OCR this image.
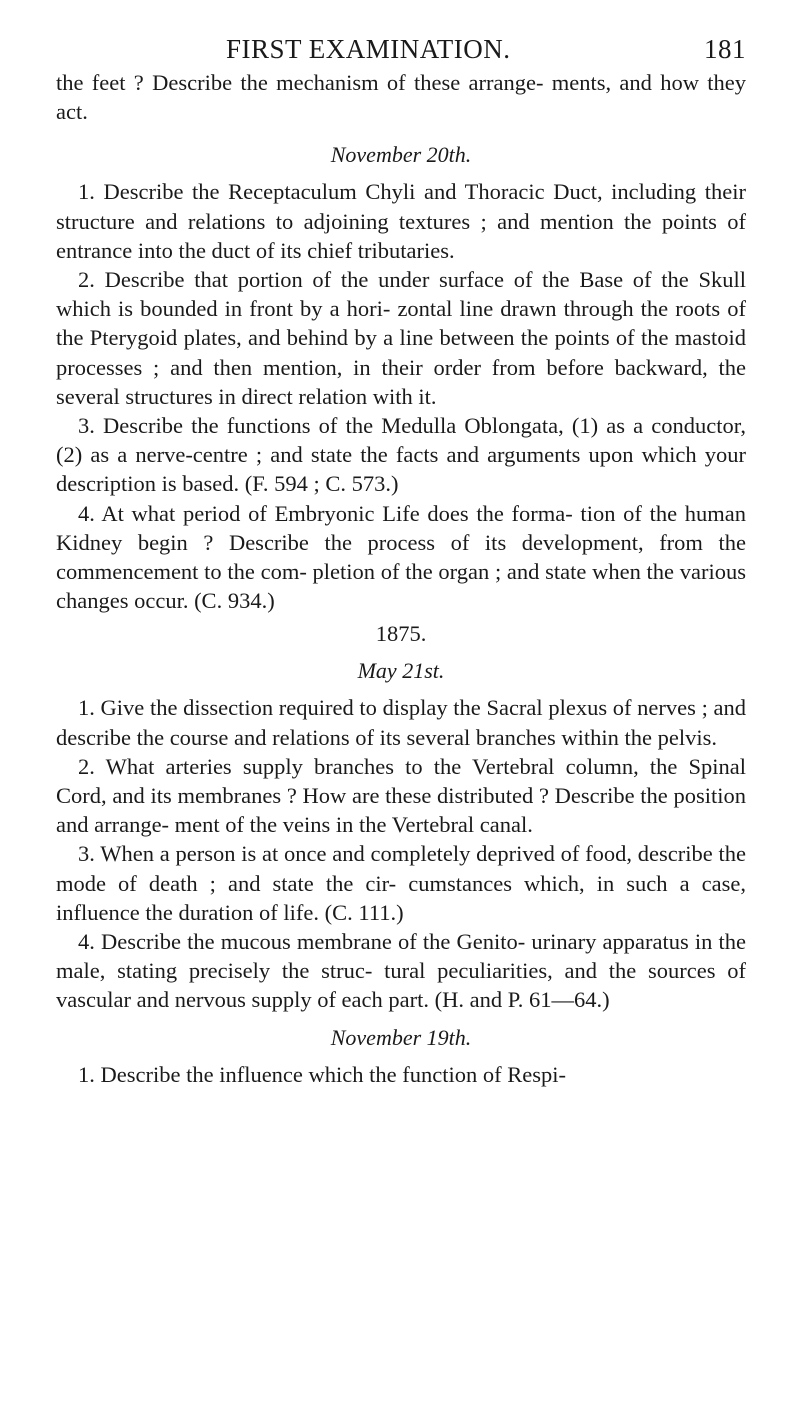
FIRST EXAMINATION.	181

the feet ? Describe the mechanism of these arrange- ments, and how they act.

November 20th.

1. Describe the Receptaculum Chyli and Thoracic Duct, including their structure and relations to adjoining textures ; and mention the points of entrance into the duct of its chief tributaries.

2. Describe that portion of the under surface of the Base of the Skull which is bounded in front by a hori- zontal line drawn through the roots of the Pterygoid plates, and behind by a line between the points of the mastoid processes ; and then mention, in their order from before backward, the several structures in direct relation with it.

3. Describe the functions of the Medulla Oblongata, (1) as a conductor, (2) as a nerve-centre ; and state the facts and arguments upon which your description is based. (F. 594 ; C. 573.)

4. At what period of Embryonic Life does the forma- tion of the human Kidney begin ? Describe the process of its development, from the commencement to the com- pletion of the organ ; and state when the various changes occur. (C. 934.)

1875.
May 21st.

1. Give the dissection required to display the Sacral plexus of nerves ; and describe the course and relations of its several branches within the pelvis.

2. What arteries supply branches to the Vertebral column, the Spinal Cord, and its membranes ? How are these distributed ? Describe the position and arrange- ment of the veins in the Vertebral canal.

3. When a person is at once and completely deprived of food, describe the mode of death ; and state the cir- cumstances which, in such a case, influence the duration of life. (C. 111.)

4. Describe the mucous membrane of the Genito- urinary apparatus in the male, stating precisely the struc- tural peculiarities, and the sources of vascular and nervous supply of each part. (H. and P. 61—64.)

November 19th.

1. Describe the influence which the function of Respi-
